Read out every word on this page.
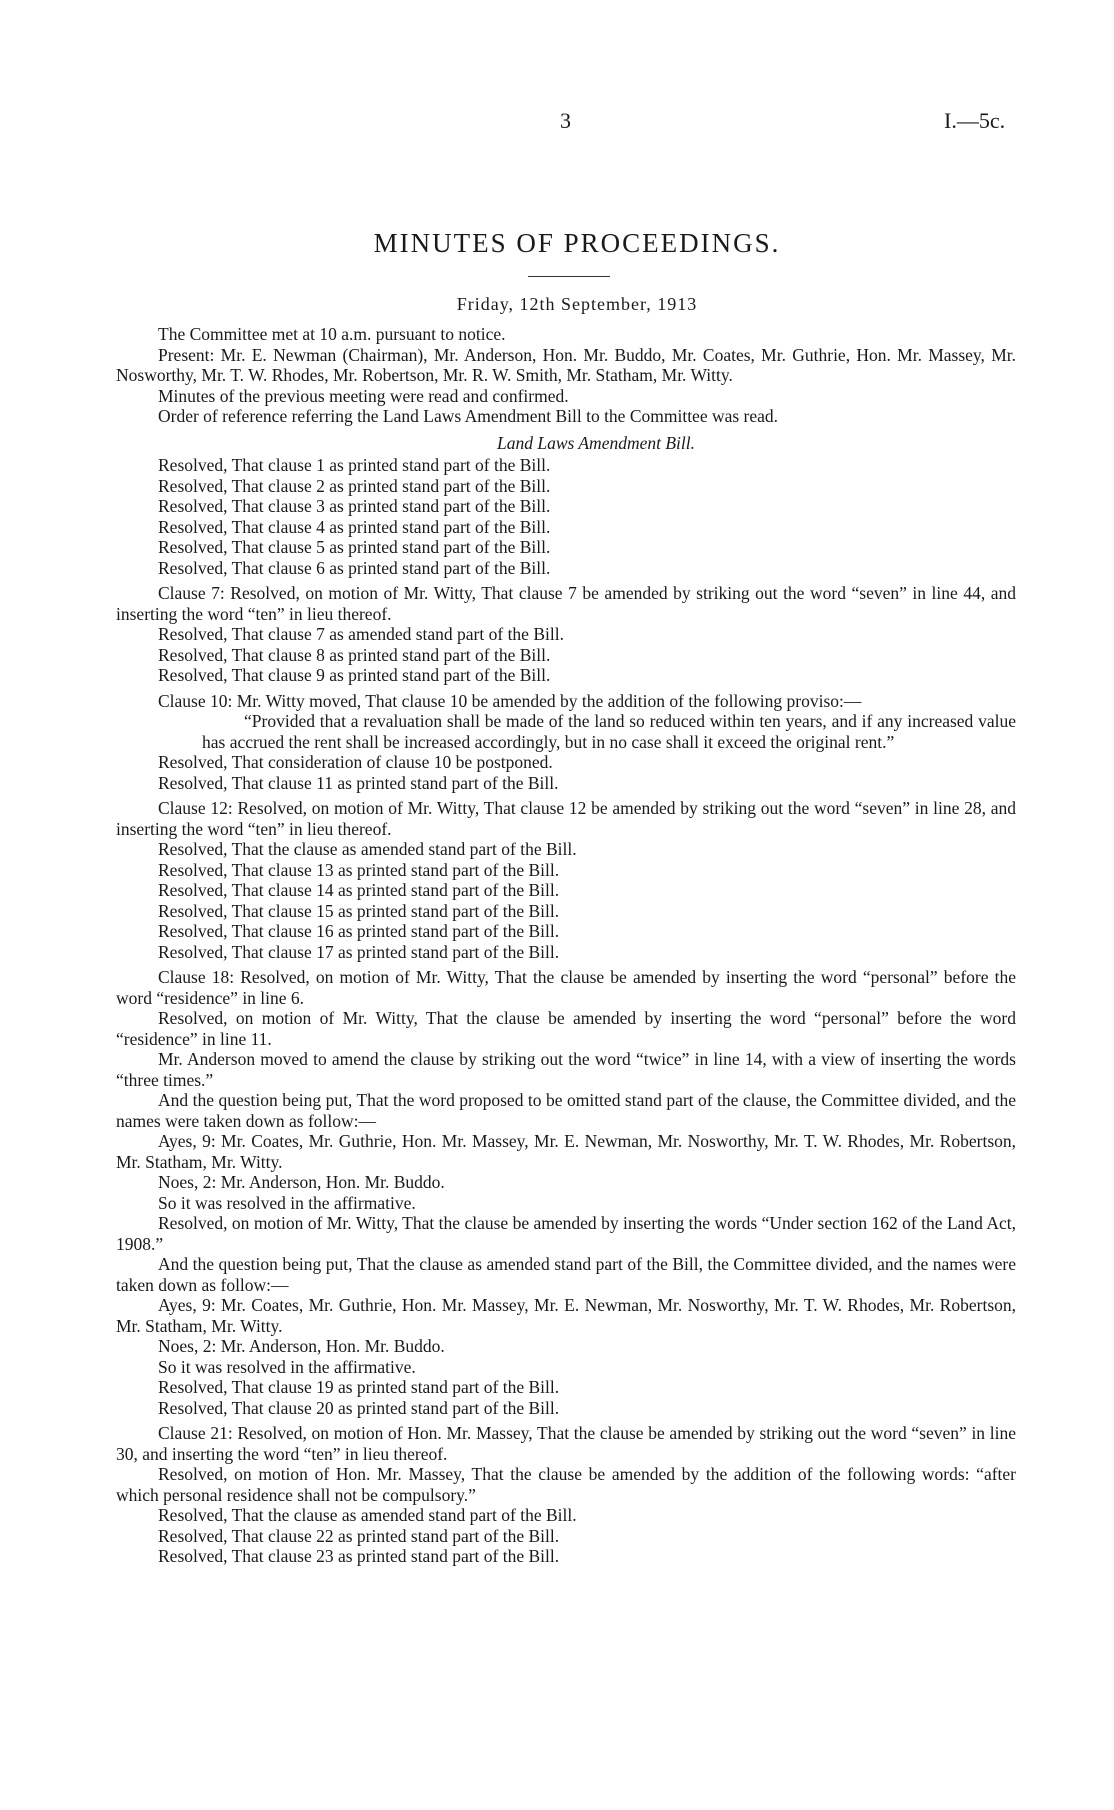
3	I.—5c.
MINUTES OF PROCEEDINGS.
Friday, 12th September, 1913

The Committee met at 10 a.m. pursuant to notice.

Present: Mr. E. Newman (Chairman), Mr. Anderson, Hon. Mr. Buddo, Mr. Coates, Mr. Guthrie, Hon. Mr. Massey, Mr. Nosworthy, Mr. T. W. Rhodes, Mr. Robertson, Mr. R. W. Smith, Mr. Statham, Mr. Witty.

Minutes of the previous meeting were read and confirmed.

Order of reference referring the Land Laws Amendment Bill to the Committee was read.

Land Laws Amendment Bill.

Resolved, That clause 1 as printed stand part of the Bill.

Resolved, That clause 2 as printed stand part of the Bill.

Resolved, That clause 3 as printed stand part of the Bill.

Resolved, That clause 4 as printed stand part of the Bill.

Resolved, That clause 5 as printed stand part of the Bill.

Resolved, That clause 6 as printed stand part of the Bill.

Clause 7: Resolved, on motion of Mr. Witty, That clause 7 be amended by striking out the word “seven” in line 44, and inserting the word “ten” in lieu thereof.

Resolved, That clause 7 as amended stand part of the Bill.

Resolved, That clause 8 as printed stand part of the Bill.

Resolved, That clause 9 as printed stand part of the Bill.

Clause 10: Mr. Witty moved, That clause 10 be amended by the addition of the following proviso:—

“Provided that a revaluation shall be made of the land so reduced within ten years, and if any increased value has accrued the rent shall be increased accordingly, but in no case shall it exceed the original rent.”

Resolved, That consideration of clause 10 be postponed.

Resolved, That clause 11 as printed stand part of the Bill.

Clause 12: Resolved, on motion of Mr. Witty, That clause 12 be amended by striking out the word “seven” in line 28, and inserting the word “ten” in lieu thereof.

Resolved, That the clause as amended stand part of the Bill.

Resolved, That clause 13 as printed stand part of the Bill.

Resolved, That clause 14 as printed stand part of the Bill.

Resolved, That clause 15 as printed stand part of the Bill.

Resolved, That clause 16 as printed stand part of the Bill.

Resolved, That clause 17 as printed stand part of the Bill.

Clause 18: Resolved, on motion of Mr. Witty, That the clause be amended by inserting the word “personal” before the word “residence” in line 6.

Resolved, on motion of Mr. Witty, That the clause be amended by inserting the word “personal” before the word “residence” in line 11.

Mr. Anderson moved to amend the clause by striking out the word “twice” in line 14, with a view of inserting the words “three times.”

And the question being put, That the word proposed to be omitted stand part of the clause, the Committee divided, and the names were taken down as follow:—

Ayes, 9: Mr. Coates, Mr. Guthrie, Hon. Mr. Massey, Mr. E. Newman, Mr. Nosworthy, Mr. T. W. Rhodes, Mr. Robertson, Mr. Statham, Mr. Witty.

Noes, 2: Mr. Anderson, Hon. Mr. Buddo.

So it was resolved in the affirmative.

Resolved, on motion of Mr. Witty, That the clause be amended by inserting the words “Under section 162 of the Land Act, 1908.”

And the question being put, That the clause as amended stand part of the Bill, the Committee divided, and the names were taken down as follow:—

Ayes, 9: Mr. Coates, Mr. Guthrie, Hon. Mr. Massey, Mr. E. Newman, Mr. Nosworthy, Mr. T. W. Rhodes, Mr. Robertson, Mr. Statham, Mr. Witty.

Noes, 2: Mr. Anderson, Hon. Mr. Buddo.

So it was resolved in the affirmative.

Resolved, That clause 19 as printed stand part of the Bill.

Resolved, That clause 20 as printed stand part of the Bill.

Clause 21: Resolved, on motion of Hon. Mr. Massey, That the clause be amended by striking out the word “seven” in line 30, and inserting the word “ten” in lieu thereof.

Resolved, on motion of Hon. Mr. Massey, That the clause be amended by the addition of the following words: “after which personal residence shall not be compulsory.”

Resolved, That the clause as amended stand part of the Bill.

Resolved, That clause 22 as printed stand part of the Bill.

Resolved, That clause 23 as printed stand part of the Bill.
